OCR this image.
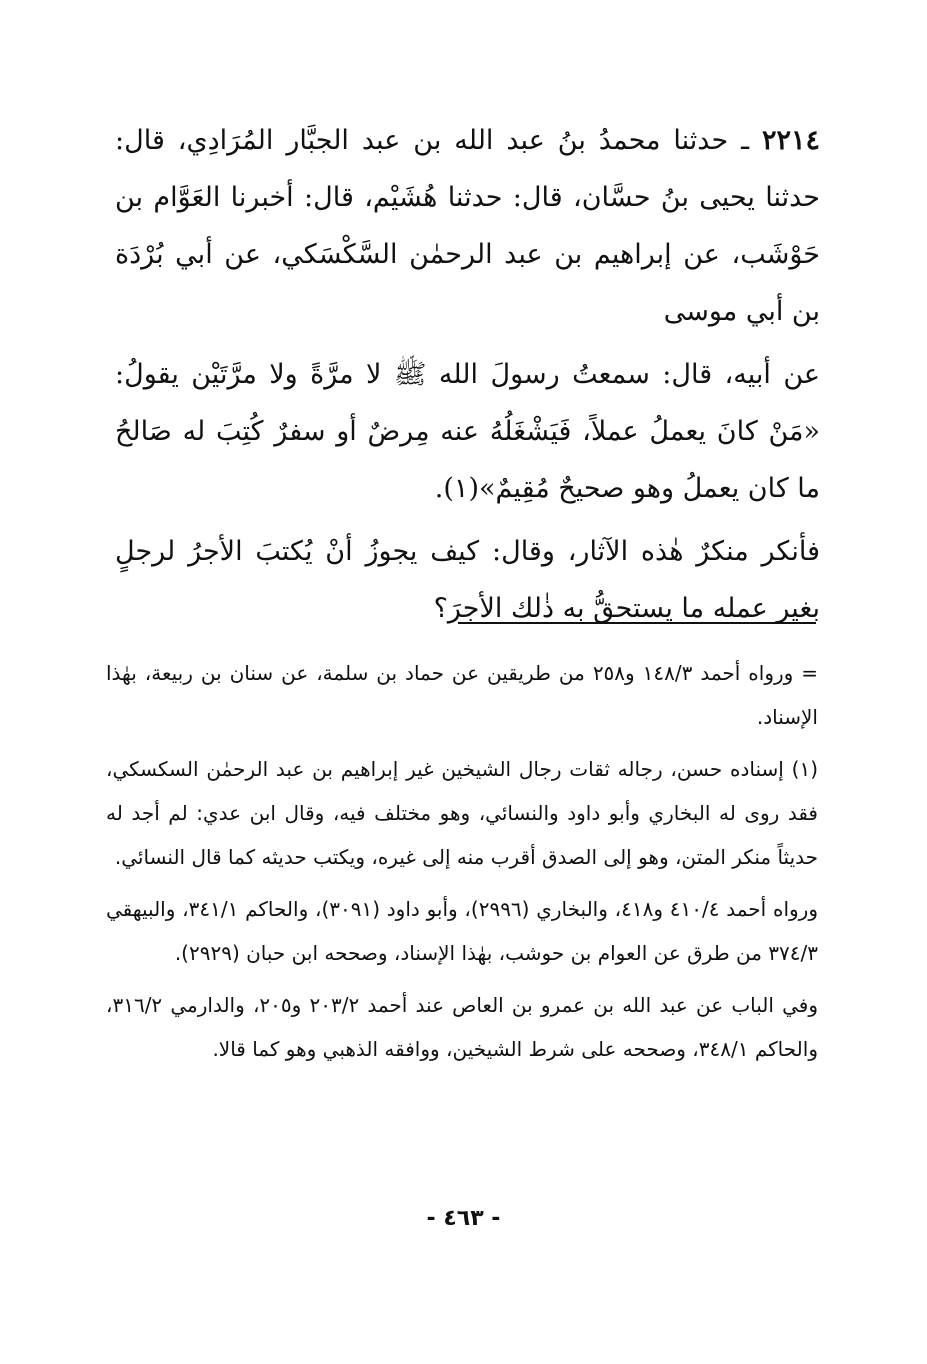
٢٢١٤ ـ حدثنا محمدُ بنُ عبد الله بن عبد الجبَّار المُرَادِي، قال: حدثنا يحيى بنُ حسَّان، قال: حدثنا هُشَيْم، قال: أخبرنا العَوَّام بن حَوْشَب، عن إبراهيم بن عبد الرحمٰن السَّكْسَكي، عن أبي بُرْدَة بن أبي موسى

عن أبيه، قال: سمعتُ رسولَ الله ﷺ لا مرَّةً ولا مرَّتَيْن يقولُ: «مَنْ كانَ يعملُ عملاً، فَيَشْغَلُهُ عنه مِرضٌ أو سفرٌ كُتِبَ له صَالحُ ما كان يعملُ وهو صحيحٌ مُقِيمٌ»(١).

فأنكر منكرٌ هٰذه الآثار، وقال: كيف يجوزُ أنْ يُكتبَ الأجرُ لرجلٍ بغير عمله ما يستحقُّ به ذٰلك الأجرَ؟

= ورواه أحمد ١٤٨/٣ و٢٥٨ من طريقين عن حماد بن سلمة، عن سنان بن ربيعة، بهٰذا الإسناد.

(١) إسناده حسن، رجاله ثقات رجال الشيخين غير إبراهيم بن عبد الرحمٰن السكسكي، فقد روى له البخاري وأبو داود والنسائي، وهو مختلف فيه، وقال ابن عدي: لم أجد له حديثاً منكر المتن، وهو إلى الصدق أقرب منه إلى غيره، ويكتب حديثه كما قال النسائي.

ورواه أحمد ٤١٠/٤ و٤١٨، والبخاري (٢٩٩٦)، وأبو داود (٣٠٩١)، والحاكم ٣٤١/١، والبيهقي ٣٧٤/٣ من طرق عن العوام بن حوشب، بهٰذا الإسناد، وصححه ابن حبان (٢٩٢٩).

وفي الباب عن عبد الله بن عمرو بن العاص عند أحمد ٢٠٣/٢ و٢٠٥، والدارمي ٣١٦/٢، والحاكم ٣٤٨/١، وصححه على شرط الشيخين، ووافقه الذهبي وهو كما قالا.

- ٤٦٣ -
